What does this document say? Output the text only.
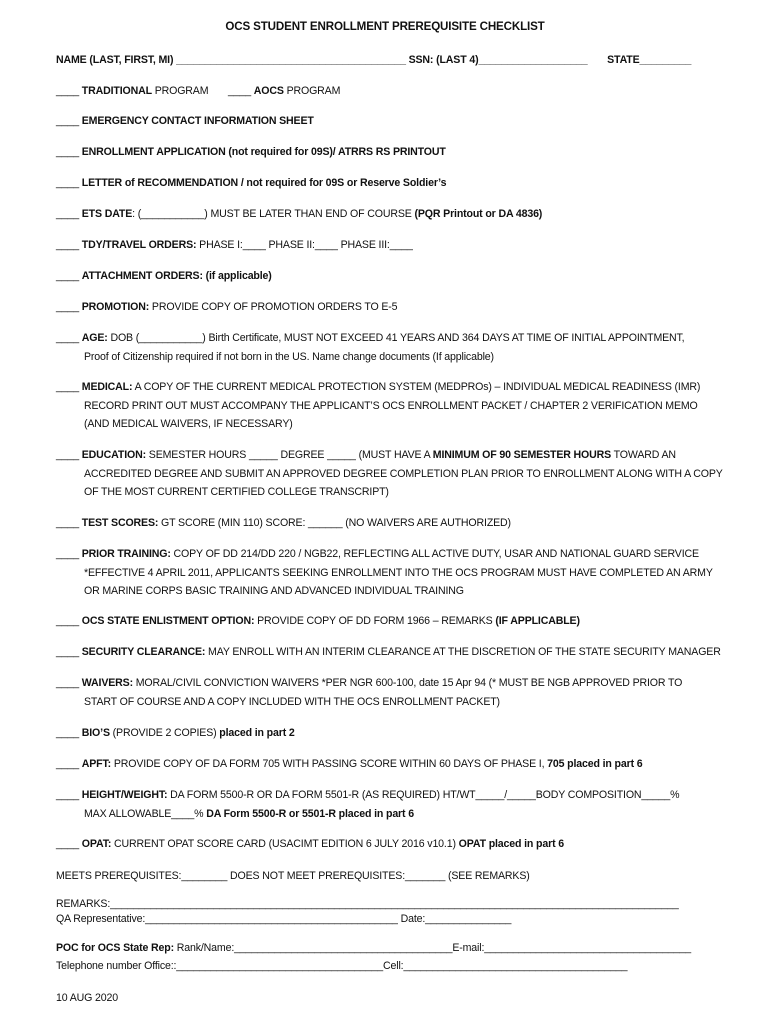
OCS STUDENT ENROLLMENT PREREQUISITE CHECKLIST
NAME (LAST, FIRST, MI) ________________________________________ SSN: (LAST 4)___________________ STATE_________
____ TRADITIONAL PROGRAM ____ AOCS PROGRAM
____ EMERGENCY CONTACT INFORMATION SHEET
____ ENROLLMENT APPLICATION (not required for 09S)/ ATRRS RS PRINTOUT
____ LETTER of RECOMMENDATION / not required for 09S or Reserve Soldier’s
____ ETS DATE: (___________) MUST BE LATER THAN END OF COURSE (PQR Printout or DA 4836)
____ TDY/TRAVEL ORDERS: PHASE I:____ PHASE II:____ PHASE III:____
____ ATTACHMENT ORDERS: (if applicable)
____ PROMOTION: PROVIDE COPY OF PROMOTION ORDERS TO E-5
____ AGE: DOB (___________) Birth Certificate, MUST NOT EXCEED 41 YEARS AND 364 DAYS AT TIME OF INITIAL APPOINTMENT,
Proof of Citizenship required if not born in the US. Name change documents (If applicable)
____ MEDICAL: A COPY OF THE CURRENT MEDICAL PROTECTION SYSTEM (MEDPROs) – INDIVIDUAL MEDICAL READINESS (IMR)
RECORD PRINT OUT MUST ACCOMPANY THE APPLICANT’S OCS ENROLLMENT PACKET / CHAPTER 2 VERIFICATION MEMO
(AND MEDICAL WAIVERS, IF NECESSARY)
____ EDUCATION: SEMESTER HOURS _____ DEGREE _____ (MUST HAVE A MINIMUM OF 90 SEMESTER HOURS TOWARD AN
ACCREDITED DEGREE AND SUBMIT AN APPROVED DEGREE COMPLETION PLAN PRIOR TO ENROLLMENT ALONG WITH A COPY
OF THE MOST CURRENT CERTIFIED COLLEGE TRANSCRIPT)
____ TEST SCORES: GT SCORE (MIN 110) SCORE: ______ (NO WAIVERS ARE AUTHORIZED)
____ PRIOR TRAINING: COPY OF DD 214/DD 220 / NGB22, REFLECTING ALL ACTIVE DUTY, USAR AND NATIONAL GUARD SERVICE
*EFFECTIVE 4 APRIL 2011, APPLICANTS SEEKING ENROLLMENT INTO THE OCS PROGRAM MUST HAVE COMPLETED AN ARMY
OR MARINE CORPS BASIC TRAINING AND ADVANCED INDIVIDUAL TRAINING
____ OCS STATE ENLISTMENT OPTION: PROVIDE COPY OF DD FORM 1966 – REMARKS (IF APPLICABLE)
____ SECURITY CLEARANCE: MAY ENROLL WITH AN INTERIM CLEARANCE AT THE DISCRETION OF THE STATE SECURITY MANAGER
____ WAIVERS: MORAL/CIVIL CONVICTION WAIVERS *PER NGR 600-100, date 15 Apr 94 (* MUST BE NGB APPROVED PRIOR TO
START OF COURSE AND A COPY INCLUDED WITH THE OCS ENROLLMENT PACKET)
____ BIO’S (PROVIDE 2 COPIES) placed in part 2
____ APFT: PROVIDE COPY OF DA FORM 705 WITH PASSING SCORE WITHIN 60 DAYS OF PHASE I, 705 placed in part 6
____ HEIGHT/WEIGHT: DA FORM 5500-R OR DA FORM 5501-R (AS REQUIRED) HT/WT_____/_____BODY COMPOSITION_____%
MAX ALLOWABLE____% DA Form 5500-R or 5501-R placed in part 6
____ OPAT: CURRENT OPAT SCORE CARD (USACIMT EDITION 6 JULY 2016 v10.1) OPAT placed in part 6
MEETS PREREQUISITES:________ DOES NOT MEET PREREQUISITES:_______ (SEE REMARKS)
REMARKS:___________________________________________________________________________________________________
QA Representative:____________________________________________ Date:_______________
POC for OCS State Rep: Rank/Name:______________________________________E-mail:____________________________________
Telephone number Office::____________________________________Cell:_______________________________________
10 AUG 2020
